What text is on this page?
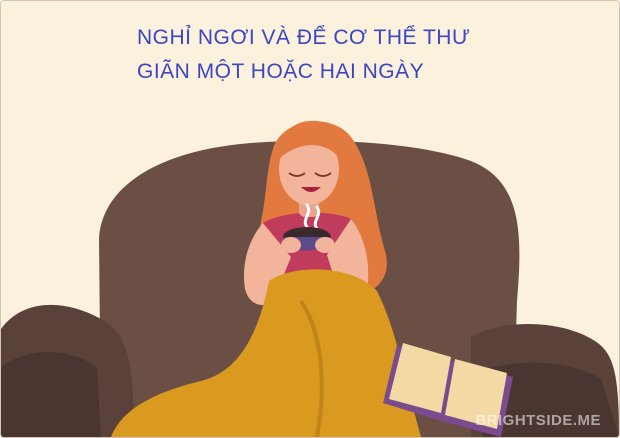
NGHỈ NGƠI VÀ ĐỂ CƠ THỂ THƯ
GIÃN MỘT HOẶC HAI NGÀY
BRIGHTSIDE.ME
